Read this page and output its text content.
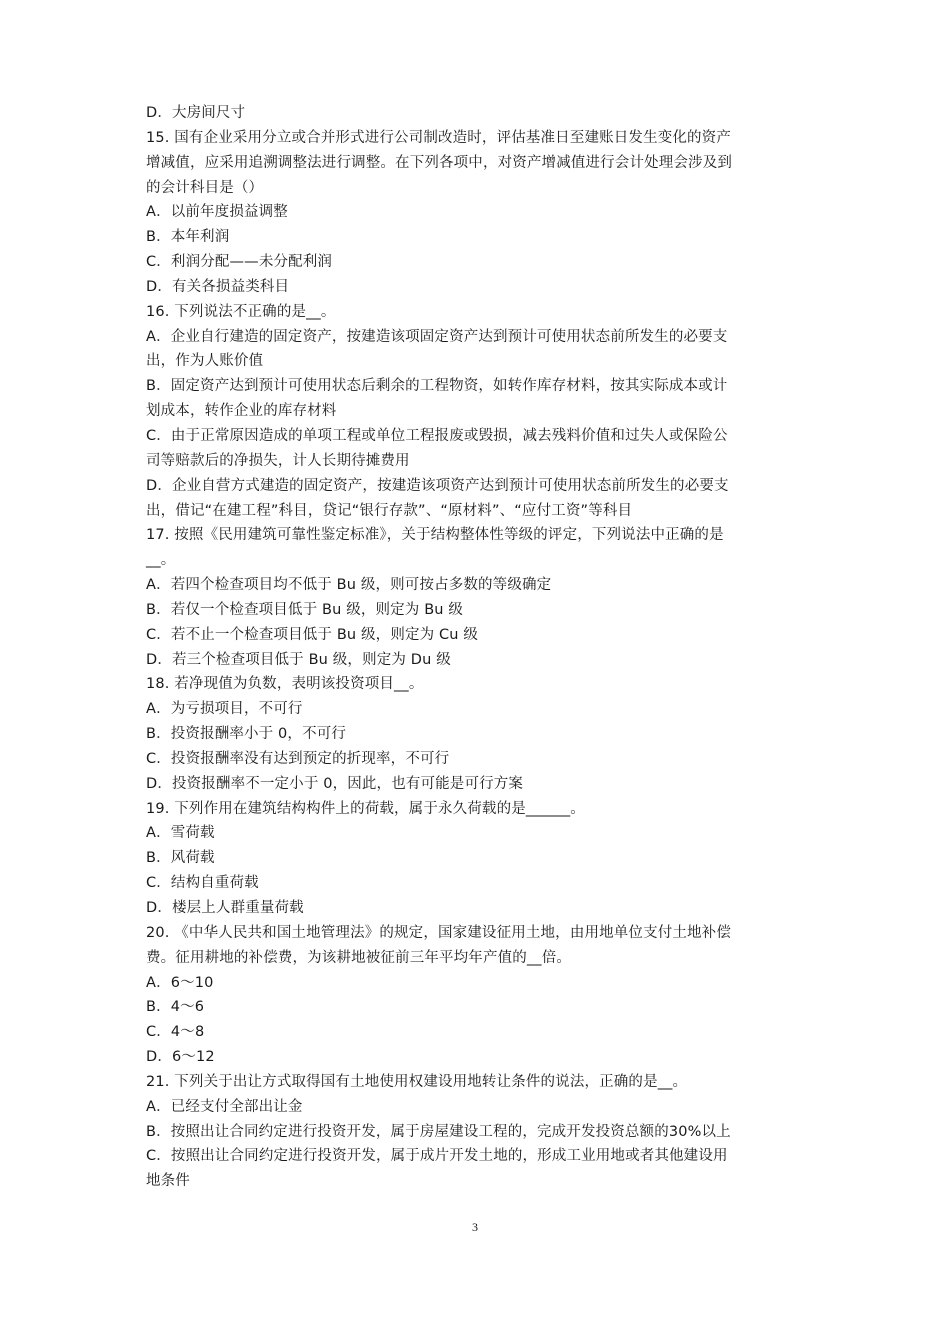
D．大房间尺寸
15. 国有企业采用分立或合并形式进行公司制改造时，评估基准日至建账日发生变化的资产
增减值，应采用追溯调整法进行调整。在下列各项中，对资产增减值进行会计处理会涉及到
的会计科目是（）
A．以前年度损益调整
B．本年利润
C．利润分配——未分配利润
D．有关各损益类科目
16. 下列说法不正确的是__。
A．企业自行建造的固定资产，按建造该项固定资产达到预计可使用状态前所发生的必要支
出，作为人账价值
B．固定资产达到预计可使用状态后剩余的工程物资，如转作库存材料，按其实际成本或计
划成本，转作企业的库存材料
C．由于正常原因造成的单项工程或单位工程报废或毁损，减去残料价值和过失人或保险公
司等赔款后的净损失，计人长期待摊费用
D．企业自营方式建造的固定资产，按建造该项资产达到预计可使用状态前所发生的必要支
出，借记“在建工程”科目，贷记“银行存款”、“原材料”、“应付工资”等科目
17. 按照《民用建筑可靠性鉴定标准》，关于结构整体性等级的评定，下列说法中正确的是
__。
A．若四个检查项目均不低于 Bu 级，则可按占多数的等级确定
B．若仅一个检查项目低于 Bu 级，则定为 Bu 级
C．若不止一个检查项目低于 Bu 级，则定为 Cu 级
D．若三个检查项目低于 Bu 级，则定为 Du 级
18. 若净现值为负数，表明该投资项目__。
A．为亏损项目，不可行
B．投资报酬率小于 0，不可行
C．投资报酬率没有达到预定的折现率，不可行
D．投资报酬率不一定小于 0，因此，也有可能是可行方案
19. 下列作用在建筑结构构件上的荷载，属于永久荷载的是______。
A．雪荷载
B．风荷载
C．结构自重荷载
D．楼层上人群重量荷载
20. 《中华人民共和国土地管理法》的规定，国家建设征用土地，由用地单位支付土地补偿
费。征用耕地的补偿费，为该耕地被征前三年平均年产值的__倍。
A．6～10
B．4～6
C．4～8
D．6～12
21. 下列关于出让方式取得国有土地使用权建设用地转让条件的说法，正确的是__。
A．已经支付全部出让金
B．按照出让合同约定进行投资开发，属于房屋建设工程的，完成开发投资总额的30%以上
C．按照出让合同约定进行投资开发，属于成片开发土地的，形成工业用地或者其他建设用
地条件
3
